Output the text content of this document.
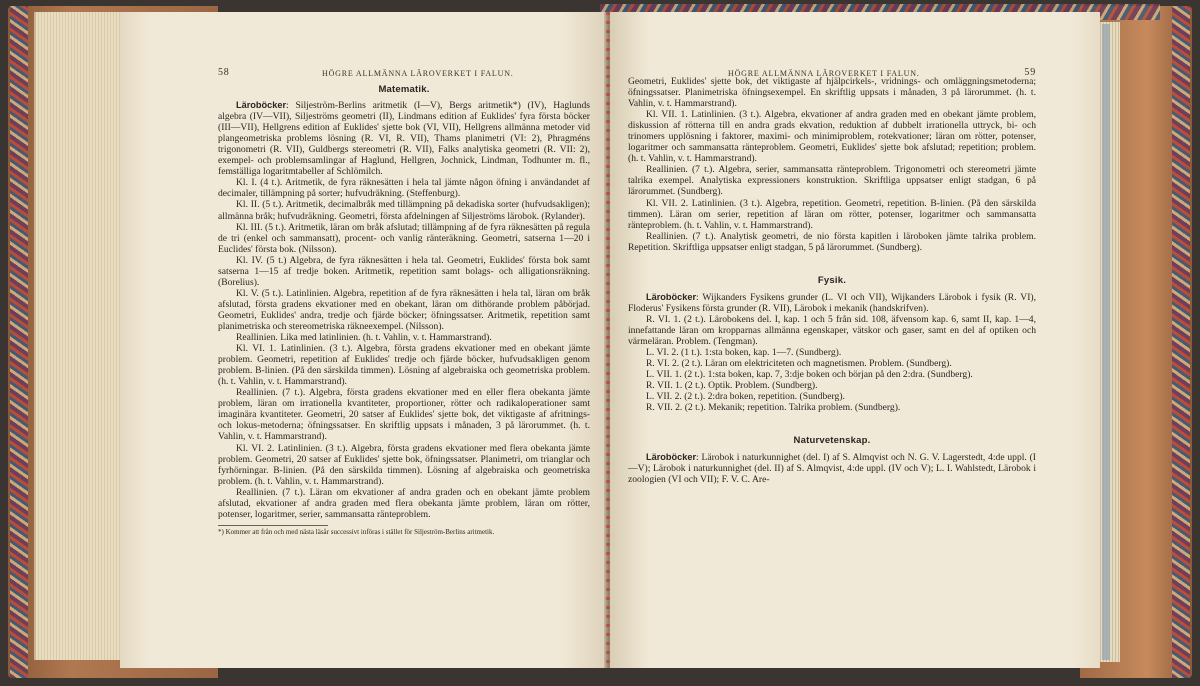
58	HÖGRE ALLMÄNNA LÄROVERKET I FALUN.
Matematik.

Läroböcker: Siljeström-Berlins aritmetik (I—V), Bergs aritmetik*) (IV), Haglunds algebra (IV—VII), Siljeströms geometri (II), Lindmans edition af Euklides' fyra första böcker (III—VII), Hellgrens edition af Euklides' sjette bok (VI, VII), Hellgrens allmänna metoder vid plangeometriska problems lösning (R. VI, R. VII), Thams planimetri (VI: 2), Phragméns trigonometri (R. VII), Guldbergs stereometri (R. VII), Falks analytiska geometri (R. VII: 2), exempel- och problemsamlingar af Haglund, Hellgren, Jochnick, Lindman, Todhunter m. fl., femställiga logaritmtabeller af Schlömilch.

Kl. I. (4 t.). Aritmetik, de fyra räknesätten i hela tal jämte någon öfning i användandet af decimaler, tillämpning på sorter; hufvudräkning. (Steffenburg).

Kl. II. (5 t.). Aritmetik, decimalbråk med tillämpning på dekadiska sorter (hufvudsakligen); allmänna bråk; hufvudräkning. Geometri, första afdelningen af Siljeströms lärobok. (Rylander).

Kl. III. (5 t.). Aritmetik, läran om bråk afslutad; tillämpning af de fyra räknesätten på regula de tri (enkel och sammansatt), procent- och vanlig ränteräkning. Geometri, satserna 1—20 i Euclides' första bok. (Nilsson).

Kl. IV. (5 t.) Algebra, de fyra räknesätten i hela tal. Geometri, Euklides' första bok samt satserna 1—15 af tredje boken. Aritmetik, repetition samt bolags- och alligationsräkning. (Borelius).

Kl. V. (5 t.). Latinlinien. Algebra, repetition af de fyra räknesätten i hela tal, läran om bråk afslutad, första gradens ekvationer med en obekant, läran om dithörande problem påbörjad. Geometri, Euklides' andra, tredje och fjärde böcker; öfningssatser. Aritmetik, repetition samt planimetriska och stereometriska räkneexempel. (Nilsson).

Reallinien. Lika med latinlinien. (h. t. Vahlin, v. t. Hammarstrand).

Kl. VI. 1. Latinlinien. (3 t.). Algebra, första gradens ekvationer med en obekant jämte problem. Geometri, repetition af Euklides' tredje och fjärde böcker, hufvudsakligen genom problem. B-linien. (På den särskilda timmen). Lösning af algebraiska och geometriska problem. (h. t. Vahlin, v. t. Hammarstrand).

Reallinien. (7 t.). Algebra, första gradens ekvationer med en eller flera obekanta jämte problem, läran om irrationella kvantiteter, proportioner, rötter och radikaloperationer samt imaginära kvantiteter. Geometri, 20 satser af Euklides' sjette bok, det viktigaste af afritnings- och lokus-metoderna; öfningssatser. En skriftlig uppsats i månaden, 3 på lärorummet. (h. t. Vahlin, v. t. Hammarstrand).

Kl. VI. 2. Latinlinien. (3 t.). Algebra, första gradens ekvationer med flera obekanta jämte problem. Geometri, 20 satser af Euklides' sjette bok, öfningssatser. Planimetri, om trianglar och fyrhörningar. B-linien. (På den särskilda timmen). Lösning af algebraiska och geometriska problem. (h. t. Vahlin, v. t. Hammarstrand).

Reallinien. (7 t.). Läran om ekvationer af andra graden och en obekant jämte problem afslutad, ekvationer af andra graden med flera obekanta jämte problem, läran om rötter, potenser, logaritmer, serier, sammansatta ränteproblem.

*) Kommer att från och med nästa läsår successivt införas i stället för Siljeström-Berlins aritmetik.
HÖGRE ALLMÄNNA LÄROVERKET I FALUN.	59

Geometri, Euklides' sjette bok, det viktigaste af hjälpcirkels-, vridnings- och omläggningsmetoderna; öfningssatser. Planimetriska öfningsexempel. En skriftlig uppsats i månaden, 3 på lärorummet. (h. t. Vahlin, v. t. Hammarstrand).

Kl. VII. 1. Latinlinien. (3 t.). Algebra, ekvationer af andra graden med en obekant jämte problem, diskussion af rötterna till en andra grads ekvation, reduktion af dubbelt irrationella uttryck, bi- och trinomers upplösning i faktorer, maximi- och minimiproblem, rotekvationer; läran om rötter, potenser, logaritmer och sammansatta ränteproblem. Geometri, Euklides' sjette bok afslutad; repetition; problem. (h. t. Vahlin, v. t. Hammarstrand).

Reallinien. (7 t.). Algebra, serier, sammansatta ränteproblem. Trigonometri och stereometri jämte talrika exempel. Analytiska expressioners konstruktion. Skriftliga uppsatser enligt stadgan, 6 på lärorummet. (Sundberg).

Kl. VII. 2. Latinlinien. (3 t.). Algebra, repetition. Geometri, repetition. B-linien. (På den särskilda timmen). Läran om serier, repetition af läran om rötter, potenser, logaritmer och sammansatta ränteproblem. (h. t. Vahlin, v. t. Hammarstrand).

Reallinien. (7 t.). Analytisk geometri, de nio första kapitlen i läroboken jämte talrika problem. Repetition. Skriftliga uppsatser enligt stadgan, 5 på lärorummet. (Sundberg).

Fysik.

Läroböcker: Wijkanders Fysikens grunder (L. VI och VII), Wijkanders Lärobok i fysik (R. VI), Floderus' Fysikens första grunder (R. VII), Lärobok i mekanik (handskrifven).

R. VI. 1. (2 t.). Lärobokens del. I, kap. 1 och 5 från sid. 108, äfvensom kap. 6, samt II, kap. 1—4, innefattande läran om kropparnas allmänna egenskaper, vätskor och gaser, samt en del af optiken och värmeläran. Problem. (Tengman).

L. VI. 2. (1 t.). 1:sta boken, kap. 1—7. (Sundberg).

R. VI. 2. (2 t.). Läran om elektriciteten och magnetismen. Problem. (Sundberg).

L. VII. 1. (2 t.). 1:sta boken, kap. 7, 3:dje boken och början på den 2:dra. (Sundberg).

R. VII. 1. (2 t.). Optik. Problem. (Sundberg).

L. VII. 2. (2 t.). 2:dra boken, repetition. (Sundberg).

R. VII. 2. (2 t.). Mekanik; repetition. Talrika problem. (Sundberg).

Naturvetenskap.

Läroböcker: Lärobok i naturkunnighet (del. I) af S. Almqvist och N. G. V. Lagerstedt, 4:de uppl. (I—V); Lärobok i naturkunnighet (del. II) af S. Almqvist, 4:de uppl. (IV och V); L. I. Wahlstedt, Lärobok i zoologien (VI och VII); F. V. C. Are-
